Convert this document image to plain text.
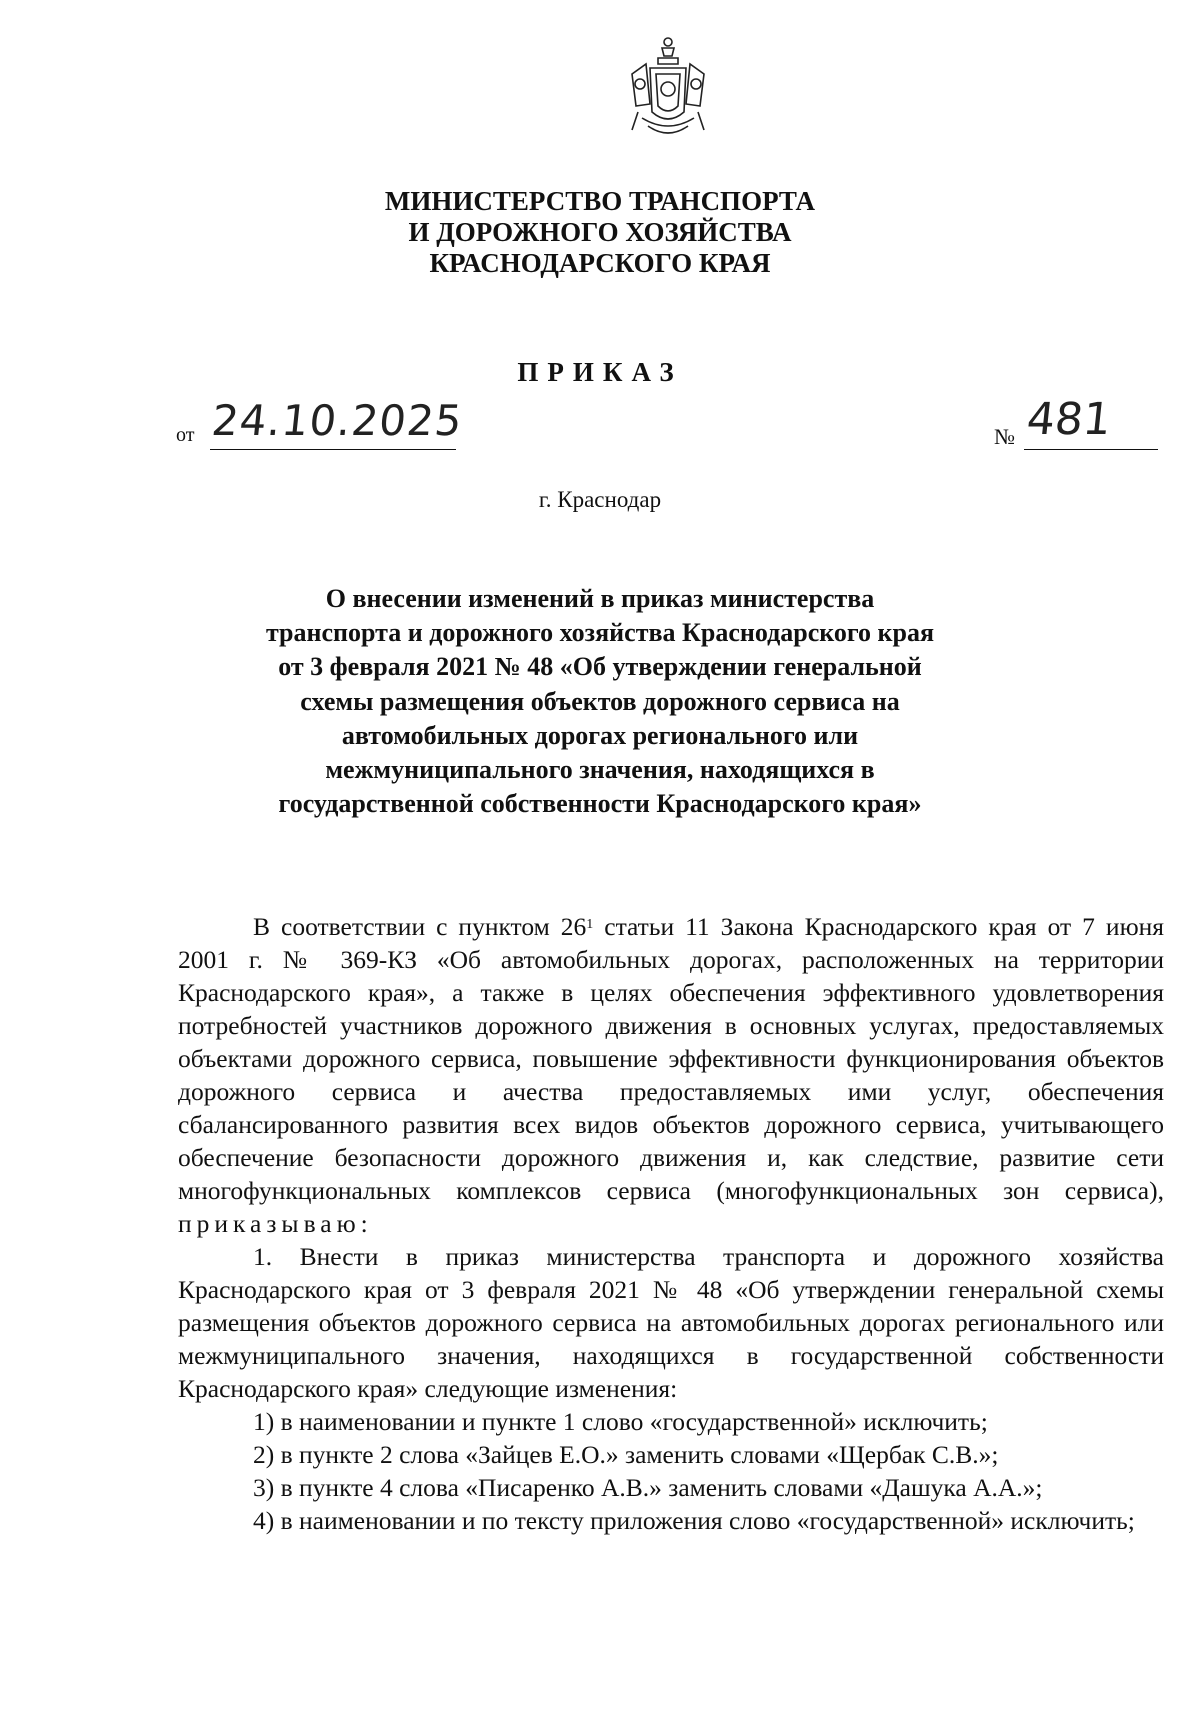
МИНИСТЕРСТВО ТРАНСПОРТА
И ДОРОЖНОГО ХОЗЯЙСТВА
КРАСНОДАРСКОГО КРАЯ
ПРИКАЗ
от 24.10.2025	№ 481
г. Краснодар
О внесении изменений в приказ министерства
транспорта и дорожного хозяйства Краснодарского края
от 3 февраля 2021 № 48 «Об утверждении генеральной
схемы размещения объектов дорожного сервиса на
автомобильных дорогах регионального или
межмуниципального значения, находящихся в
государственной собственности Краснодарского края»
В соответствии с пунктом $26^1$ статьи 11 Закона Краснодарского края от 7 июня 2001 г. № 369-КЗ «Об автомобильных дорогах, расположенных на территории Краснодарского края», а также в целях обеспечения эффективного удовлетворения потребностей участников дорожного движения в основных услугах, предоставляемых объектами дорожного сервиса, повышение эффективности функционирования объектов дорожного сервиса и ачества предоставляемых ими услуг, обеспечения сбалансированного развития всех видов объектов дорожного сервиса, учитывающего обеспечение безопасности дорожного движения и, как следствие, развитие сети многофункциональных комплексов сервиса (многофункциональных зон сервиса), приказываю:
1. Внести в приказ министерства транспорта и дорожного хозяйства Краснодарского края от 3 февраля 2021 № 48 «Об утверждении генеральной схемы размещения объектов дорожного сервиса на автомобильных дорогах регионального или межмуниципального значения, находящихся в государственной собственности Краснодарского края» следующие изменения:
1) в наименовании и пункте 1 слово «государственной» исключить;
2) в пункте 2 слова «Зайцев Е.О.» заменить словами «Щербак С.В.»;
3) в пункте 4 слова «Писаренко А.В.» заменить словами «Дашука А.А.»;
4) в наименовании и по тексту приложения слово «государственной» исключить;
